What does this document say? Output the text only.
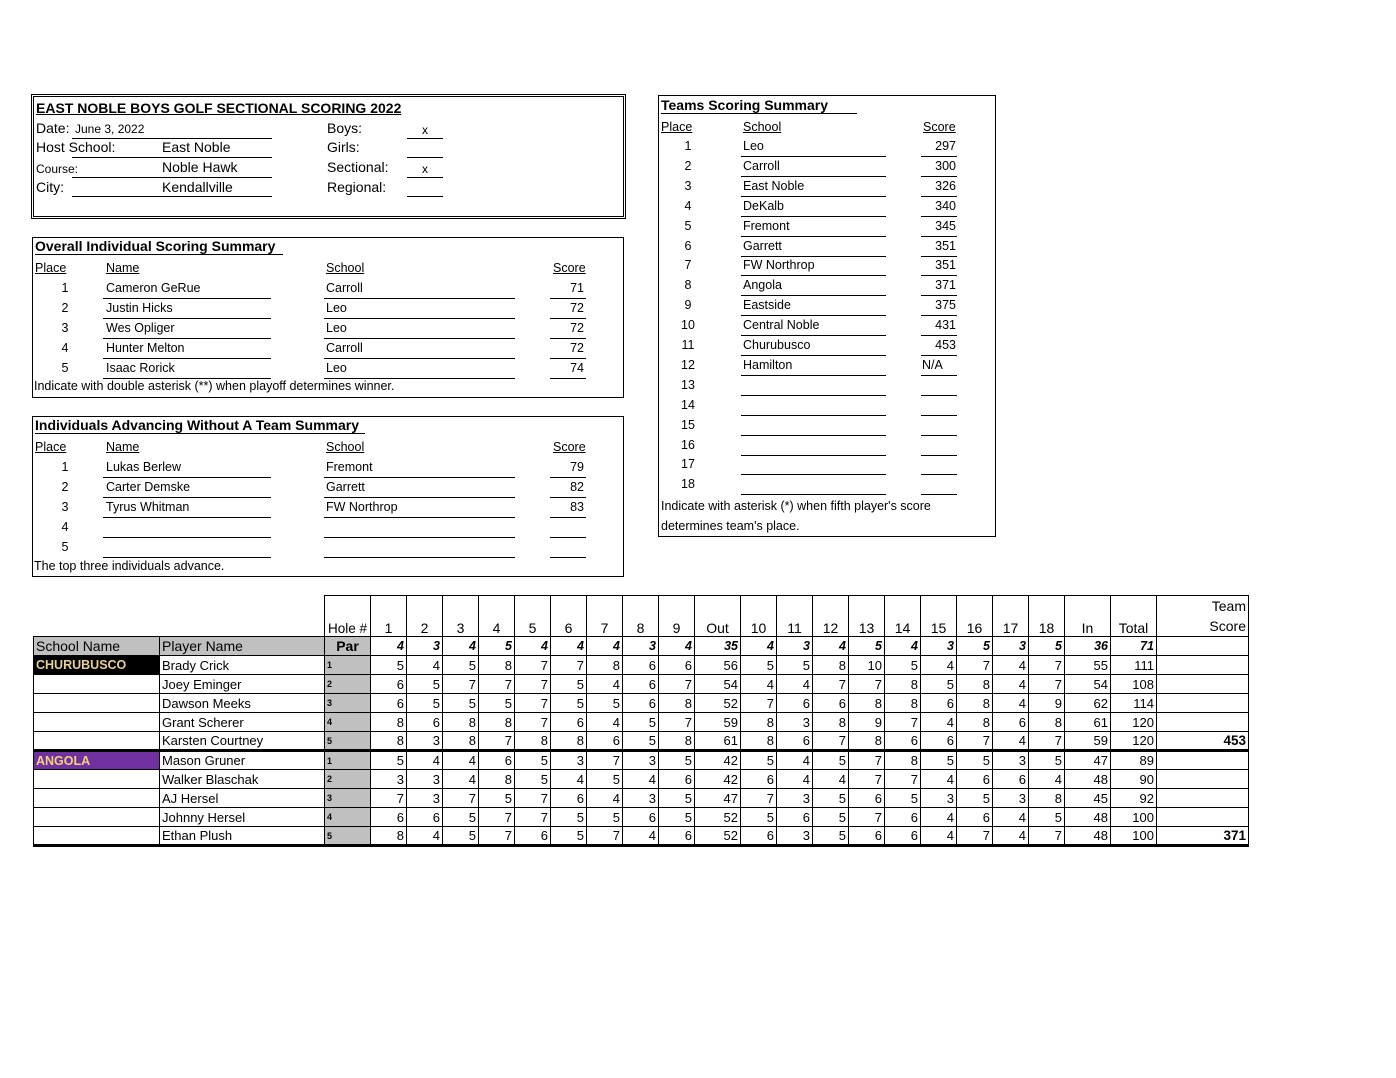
EAST NOBLE BOYS GOLF SECTIONAL SCORING 2022
Date: June 3, 2022
Host School:	East Noble
Course:	Noble Hawk
City:	Kendallville
Boys:	x
Girls:
Sectional:	x
Regional:
Overall Individual Scoring Summary
Place	Name	School	Score
1	Cameron GeRue	Carroll	71
2	Justin Hicks	Leo	72
3	Wes Opliger	Leo	72
4	Hunter Melton	Carroll	72
5	Isaac Rorick	Leo	74
Indicate with double asterisk (**) when playoff determines winner.
Individuals Advancing Without A Team Summary
Place	Name	School	Score
1	Lukas Berlew	Fremont	79
2	Carter Demske	Garrett	82
3	Tyrus Whitman	FW Northrop	83
4
5
The top three individuals advance.
Teams Scoring Summary
Place	School	Score
1	Leo	297
2	Carroll	300
3	East Noble	326
4	DeKalb	340
5	Fremont	345
6	Garrett	351
7	FW Northrop	351
8	Angola	371
9	Eastside	375
10	Central Noble	431
11	Churubusco	453
12	Hamilton	N/A
13
14
15
16
17
18
Indicate with asterisk (*) when fifth player's score
determines team's place.
		Hole #	1	2	3	4	5	6	7	8	9	Out	10	11	12	13	14	15	16	17	18	In	Total	Team
Score

School Name	Player Name	Par	4	3	4	5	4	4	4	3	4	35	4	3	4	5	4	3	5	3	5	36	71	
CHURUBUSCO	Brady Crick	1	5	4	5	8	7	7	8	6	6	56	5	5	8	10	5	4	7	4	7	55	111	
	Joey Eminger	2	6	5	7	7	7	5	4	6	7	54	4	4	7	7	8	5	8	4	7	54	108	
	Dawson Meeks	3	6	5	5	5	7	5	5	6	8	52	7	6	6	8	8	6	8	4	9	62	114	
	Grant Scherer	4	8	6	8	8	7	6	4	5	7	59	8	3	8	9	7	4	8	6	8	61	120	
	Karsten Courtney	5	8	3	8	7	8	8	6	5	8	61	8	6	7	8	6	6	7	4	7	59	120	453
ANGOLA	Mason Gruner	1	5	4	4	6	5	3	7	3	5	42	5	4	5	7	8	5	5	3	5	47	89	
	Walker Blaschak	2	3	3	4	8	5	4	5	4	6	42	6	4	4	7	7	4	6	6	4	48	90	
	AJ Hersel	3	7	3	7	5	7	6	4	3	5	47	7	3	5	6	5	3	5	3	8	45	92	
	Johnny Hersel	4	6	6	5	7	7	5	5	6	5	52	5	6	5	7	6	4	6	4	5	48	100	
	Ethan Plush	5	8	4	5	7	6	5	7	4	6	52	6	3	5	6	6	4	7	4	7	48	100	371
